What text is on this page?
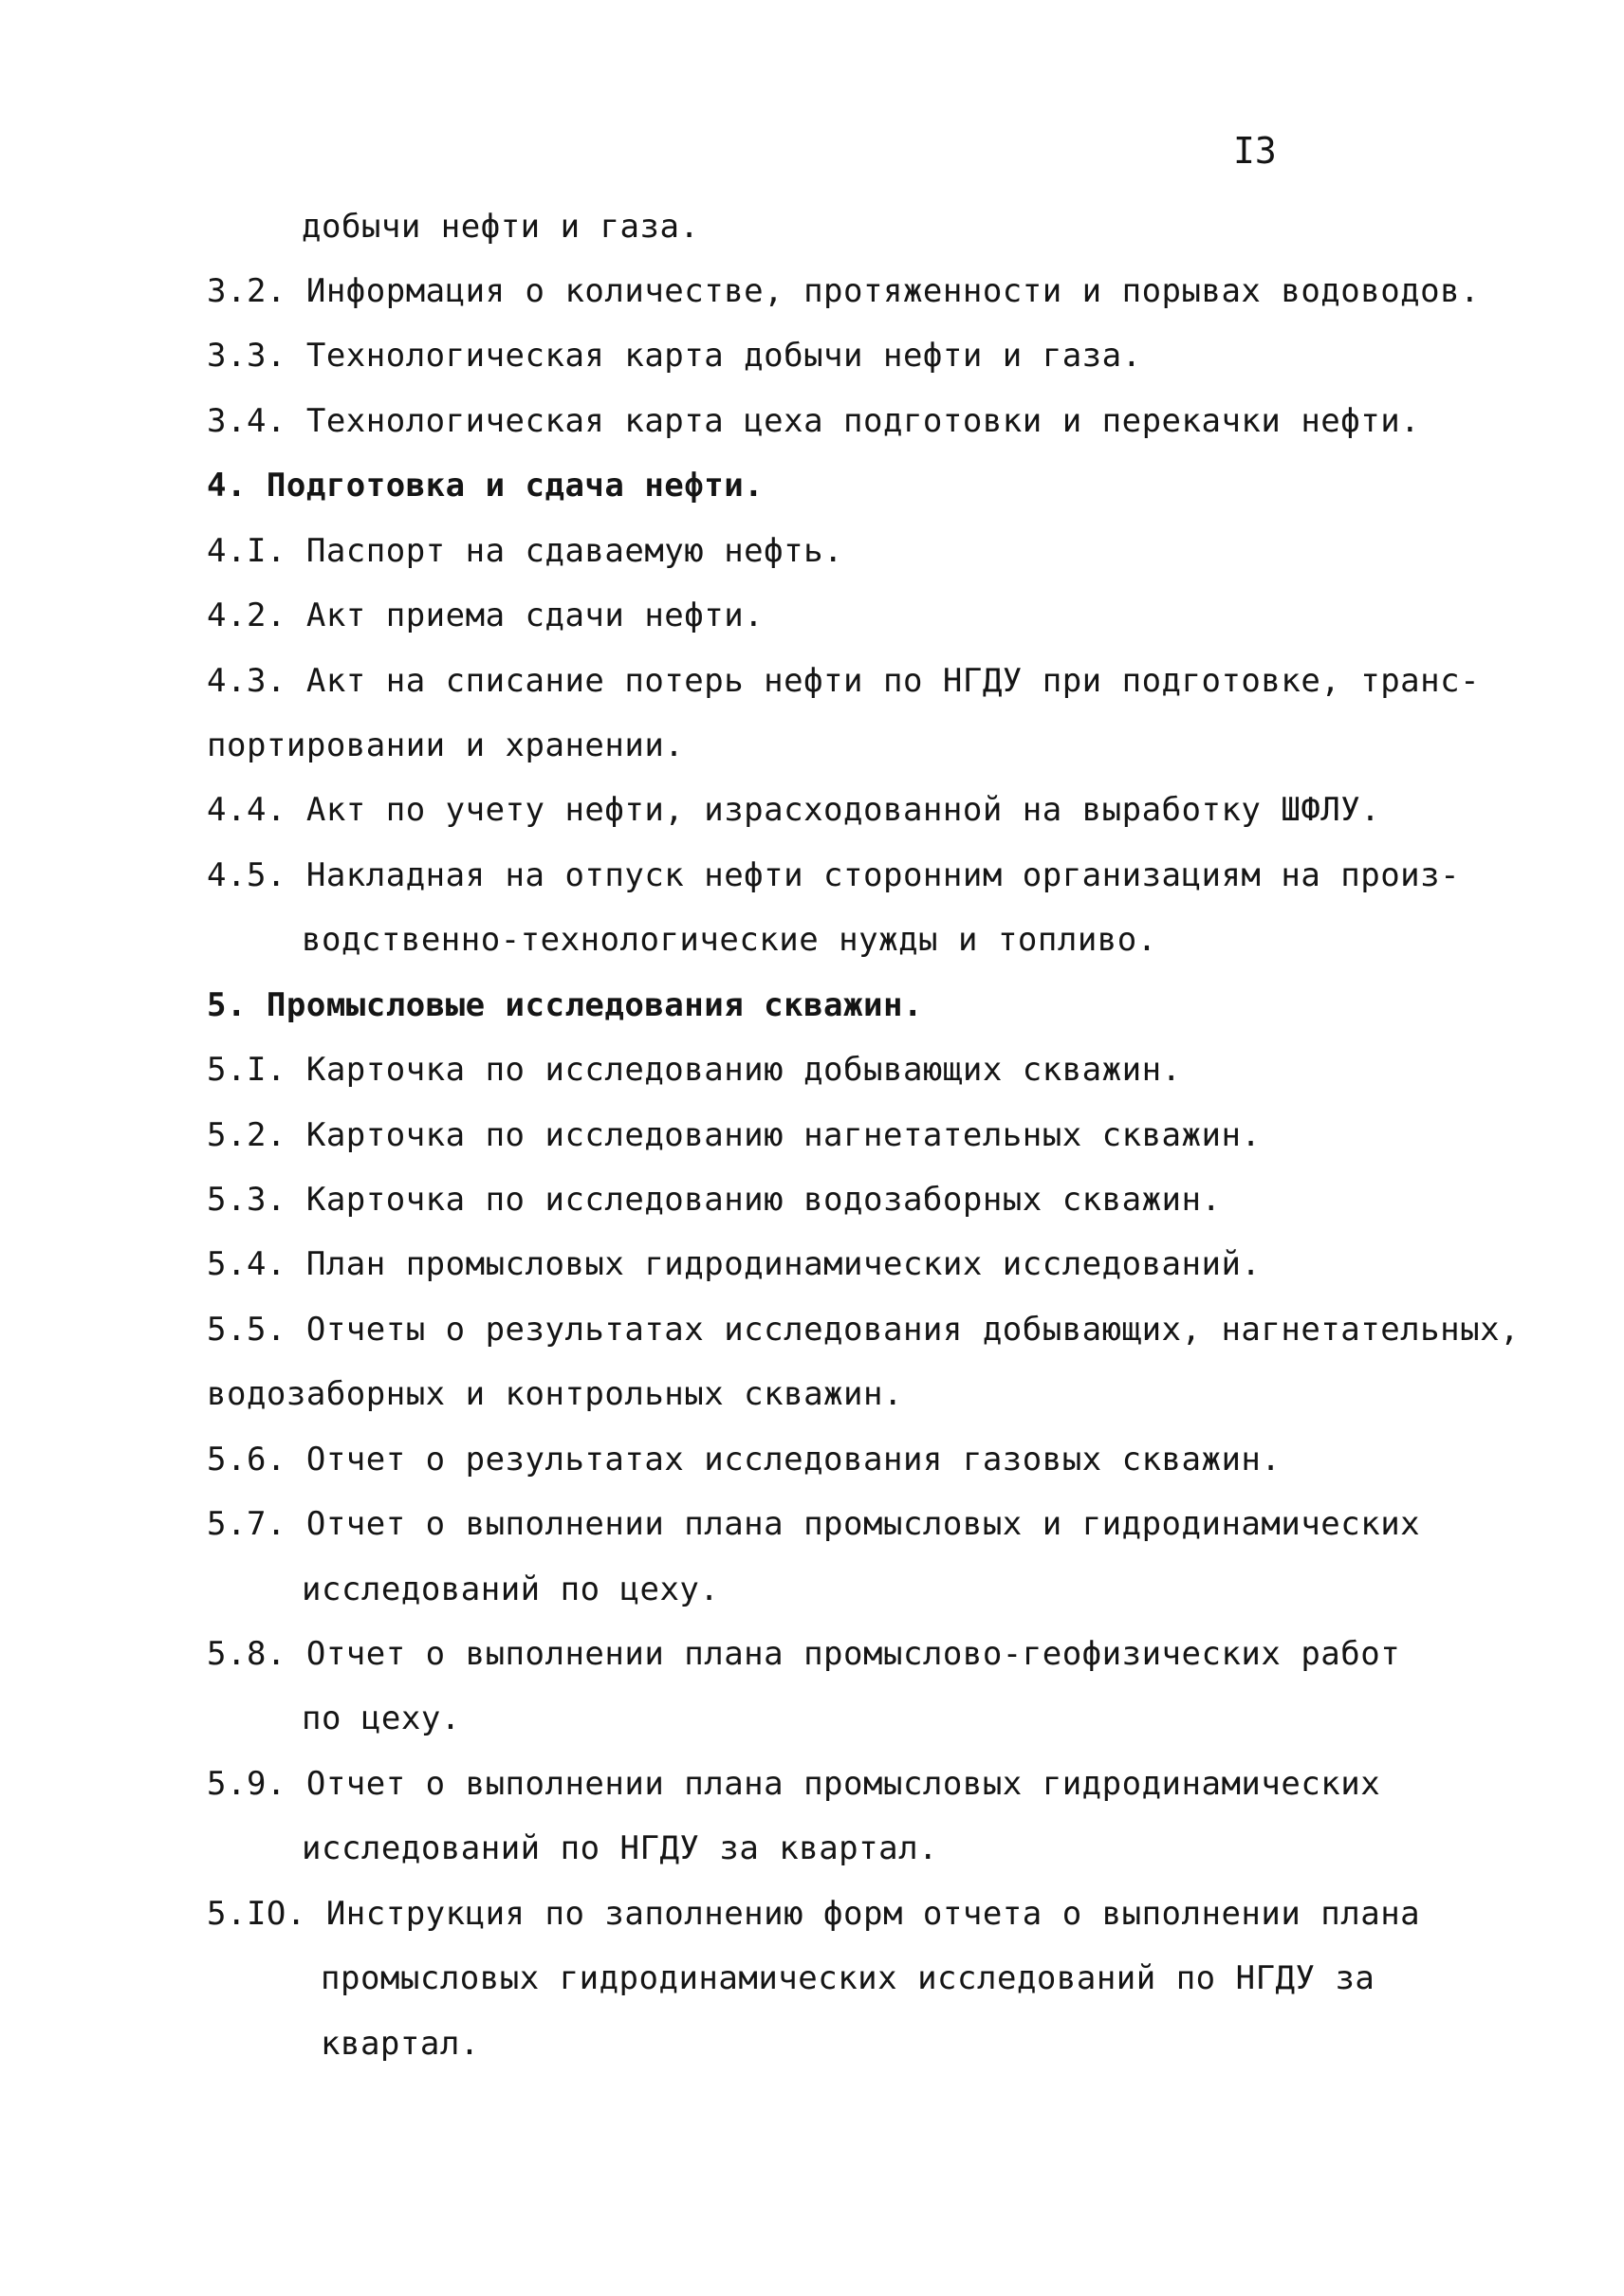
I3
добычи нефти и газа.
3.2. Информация о количестве, протяженности и порывах водоводов.
3.3. Технологическая карта добычи нефти и газа.
3.4. Технологическая карта цеха подготовки и перекачки нефти.
4. Подготовка и сдача нефти.
4.I. Паспорт на сдаваемую нефть.
4.2. Акт приема сдачи нефти.
4.3. Акт на списание потерь нефти по НГДУ при подготовке, транс-
портировании и хранении.
4.4. Акт по учету нефти, израсходованной на выработку ШФЛУ.
4.5. Накладная на отпуск нефти сторонним организациям на произ-
водственно-технологические нужды и топливо.
5. Промысловые исследования скважин.
5.I. Карточка по исследованию добывающих скважин.
5.2. Карточка по исследованию нагнетательных скважин.
5.3. Карточка по исследованию водозаборных скважин.
5.4. План промысловых гидродинамических исследований.
5.5. Отчеты о результатах исследования добывающих, нагнетательных,
водозаборных и контрольных скважин.
5.6. Отчет о результатах исследования газовых скважин.
5.7. Отчет о выполнении плана промысловых и гидродинамических
исследований по цеху.
5.8. Отчет о выполнении плана промыслово-геофизических работ
по цеху.
5.9. Отчет о выполнении плана промысловых гидродинамических
исследований по НГДУ за квартал.
5.IO. Инструкция по заполнению форм отчета о выполнении плана
промысловых гидродинамических исследований по НГДУ за
квартал.
